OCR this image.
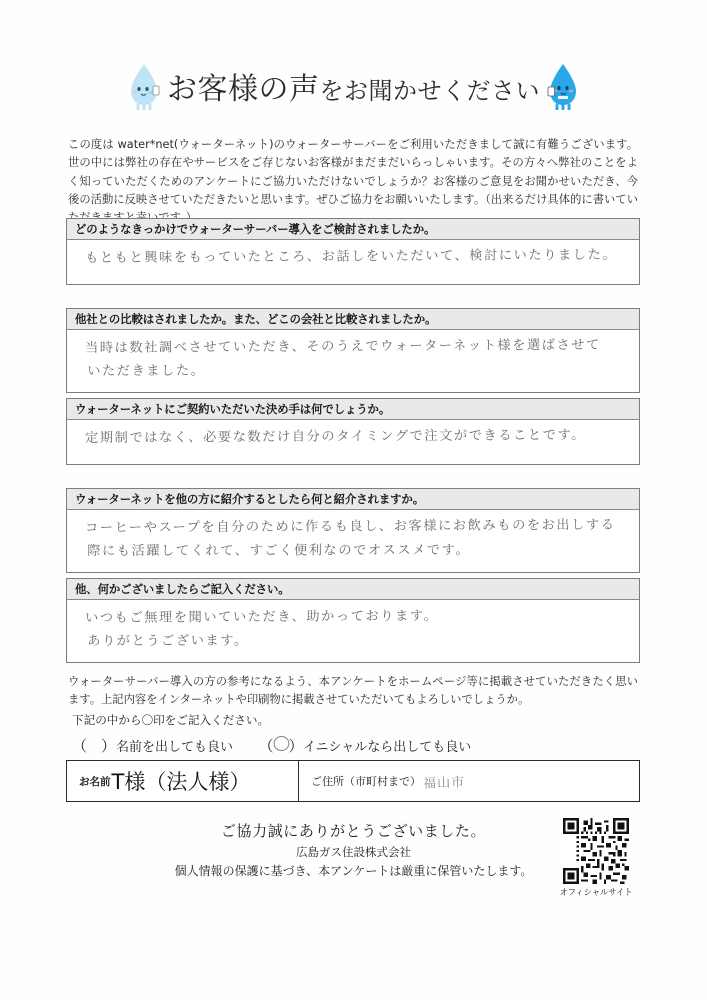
お客様の声をお聞かせください
この度は water*net(ウォーターネット)のウォーターサーバーをご利用いただきまして誠に有難うございます。世の中には弊社の存在やサービスをご存じないお客様がまだまだいらっしゃいます。その方々へ弊社のことをよく知っていただくためのアンケートにご協力いただけないでしょうか？お客様のご意見をお聞かせいただき、今後の活動に反映させていただきたいと思います。ぜひご協力をお願いいたします。（出来るだけ具体的に書いてい
どのようなきっかけでウォーターサーバー導入をご検討されましたか。
もともと興味をもっていたところ、お話しをいただいて、検討にいたりました。
他社との比較はされましたか。また、どこの会社と比較されましたか。
当時は数社調べさせていただき、そのうえでウォーターネット様を選ばさせて
いただきました。
ウォーターネットにご契約いただいた決め手は何でしょうか。
定期制ではなく、必要な数だけ自分のタイミングで注文ができることです。
ウォーターネットを他の方に紹介するとしたら何と紹介されますか。
コーヒーやスープを自分のために作るも良し、お客様にお飲みものをお出しする
際にも活躍してくれて、すごく便利なのでオススメです。
他、何かございましたらご記入ください。
いつもご無理を聞いていただき、助かっております。
ありがとうございます。
ウォーターサーバー導入の方の参考になるよう、本アンケートをホームページ等に掲載させていただきたく思います。上記内容をインターネットや印刷物に掲載させていただいてもよろしいでしょうか。
下記の中から〇印をご記入ください。
（ ） 名前を出しても良い （ ） イニシャルなら出しても良い
お名前 T様（法人様）	ご住所（市町村まで） 福山市
ご協力誠にありがとうございました。
広島ガス住設株式会社
個人情報の保護に基づき、本アンケートは厳重に保管いたします。
オフィシャルサイト
